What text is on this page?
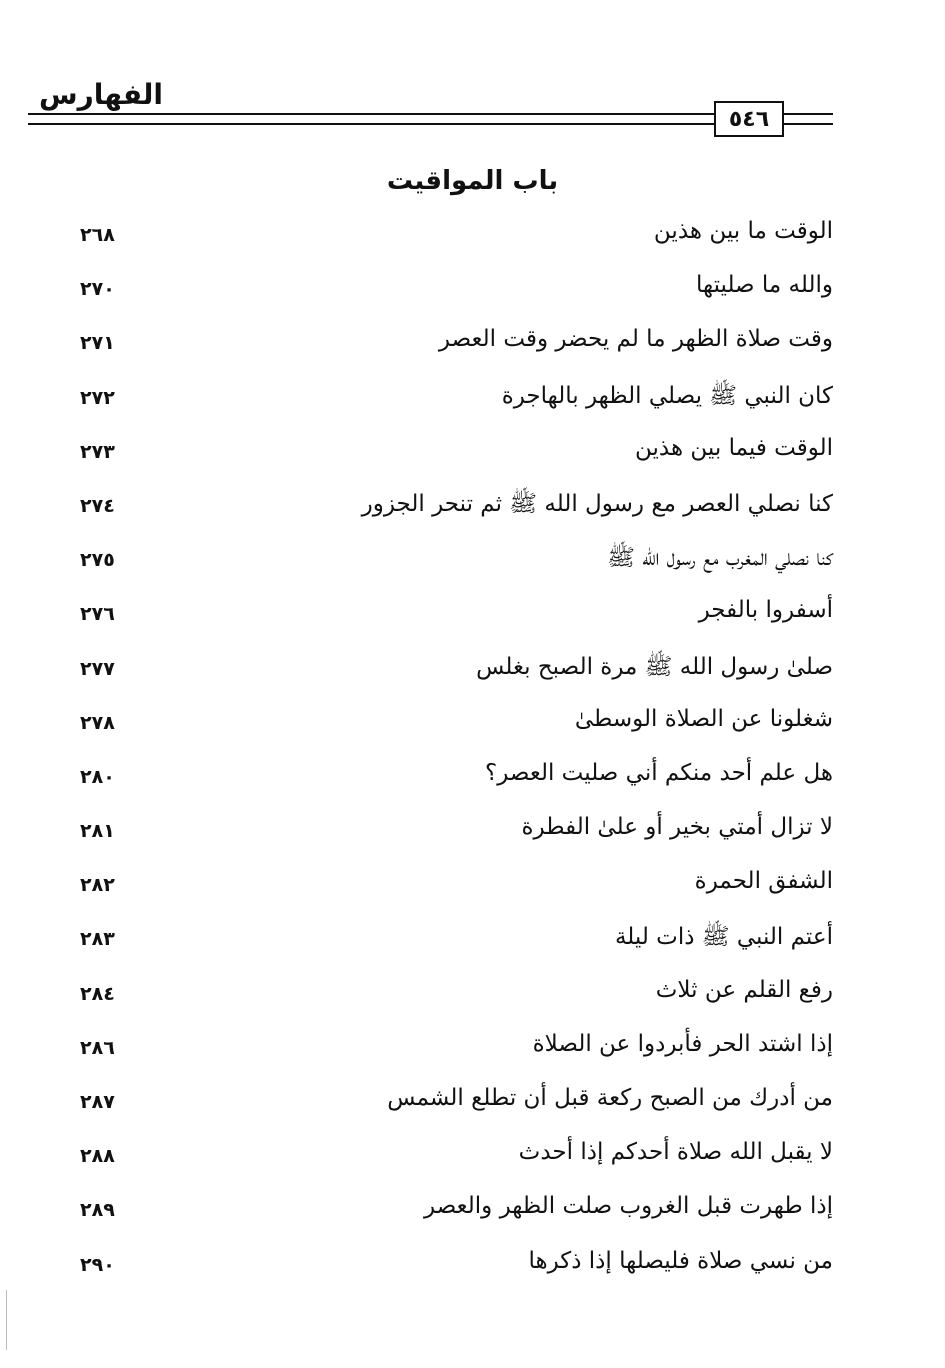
الفهارس
٥٤٦
باب المواقيت
الوقت ما بين هذين
٢٦٨
والله ما صليتها
٢٧٠
وقت صلاة الظهر ما لم يحضر وقت العصر
٢٧١
كان النبي ﷺ يصلي الظهر بالهاجرة
٢٧٢
الوقت فيما بين هذين
٢٧٣
كنا نصلي العصر مع رسول الله ﷺ ثم تنحر الجزور
٢٧٤
كنا نصلي المغرب مع رسول الله ﷺ
٢٧٥
أسفروا بالفجر
٢٧٦
صلىٰ رسول الله ﷺ مرة الصبح بغلس
٢٧٧
شغلونا عن الصلاة الوسطىٰ
٢٧٨
هل علم أحد منكم أني صليت العصر؟
٢٨٠
لا تزال أمتي بخير أو علىٰ الفطرة
٢٨١
الشفق الحمرة
٢٨٢
أعتم النبي ﷺ ذات ليلة
٢٨٣
رفع القلم عن ثلاث
٢٨٤
إذا اشتد الحر فأبردوا عن الصلاة
٢٨٦
من أدرك من الصبح ركعة قبل أن تطلع الشمس
٢٨٧
لا يقبل الله صلاة أحدكم إذا أحدث
٢٨٨
إذا طهرت قبل الغروب صلت الظهر والعصر
٢٨٩
من نسي صلاة فليصلها إذا ذكرها
٢٩٠
